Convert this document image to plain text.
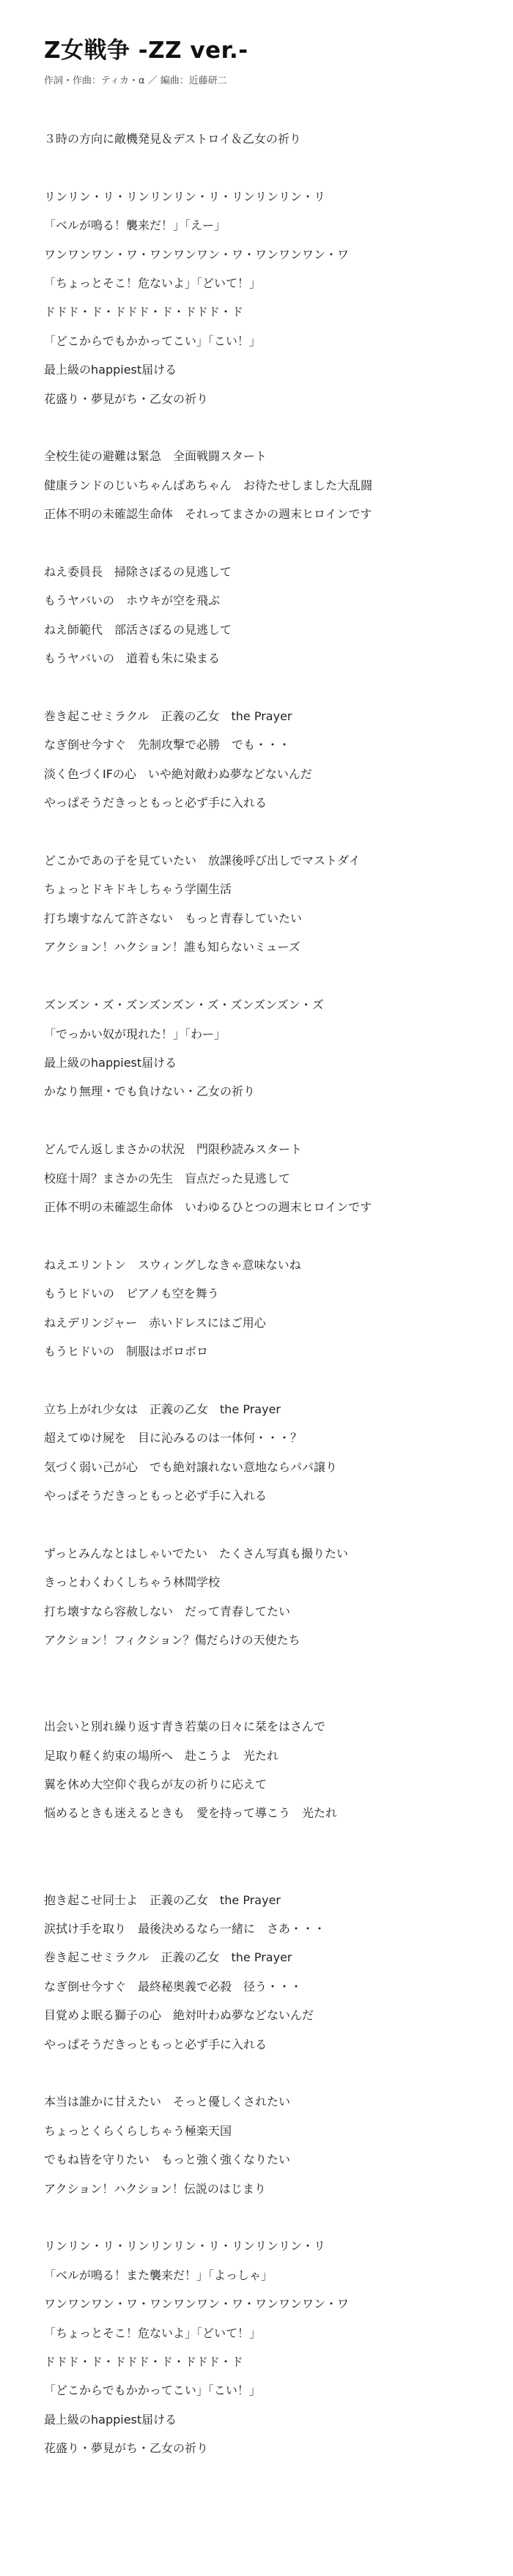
Z女戦争 -ZZ ver.-
作詞・作曲：ティカ・α ／ 編曲：近藤研二
３時の方向に敵機発見＆デストロイ＆乙女の祈り
リンリン・リ・リンリンリン・リ・リンリンリン・リ
「ベルが鳴る！襲来だ！」「えー」
ワンワンワン・ワ・ワンワンワン・ワ・ワンワンワン・ワ
「ちょっとそこ！危ないよ」「どいて！」
ドドド・ド・ドドド・ド・ドドド・ド
「どこからでもかかってこい」「こい！」
最上級のhappiest届ける
花盛り・夢見がち・乙女の祈り
全校生徒の避難は緊急　全面戦闘スタート
健康ランドのじいちゃんばあちゃん　お待たせしました大乱闘
正体不明の未確認生命体　それってまさかの週末ヒロインです
ねえ委員長　掃除さぼるの見逃して
もうヤバいの　ホウキが空を飛ぶ
ねえ師範代　部活さぼるの見逃して
もうヤバいの　道着も朱に染まる
巻き起こせミラクル　正義の乙女　the Prayer
なぎ倒せ今すぐ　先制攻撃で必勝　でも・・・
淡く色づくIFの心　いや絶対敵わぬ夢などないんだ
やっぱそうだきっともっと必ず手に入れる
どこかであの子を見ていたい　放課後呼び出しでマストダイ
ちょっとドキドキしちゃう学園生活
打ち壊すなんて許さない　もっと青春していたい
アクション！ハクション！誰も知らないミューズ
ズンズン・ズ・ズンズンズン・ズ・ズンズンズン・ズ
「でっかい奴が現れた！」「わー」
最上級のhappiest届ける
かなり無理・でも負けない・乙女の祈り
どんでん返しまさかの状況　門限秒読みスタート
校庭十周？まさかの先生　盲点だった見逃して
正体不明の未確認生命体　いわゆるひとつの週末ヒロインです
ねえエリントン　スウィングしなきゃ意味ないね
もうヒドいの　ピアノも空を舞う
ねえデリンジャー　赤いドレスにはご用心
もうヒドいの　制服はボロボロ
立ち上がれ少女は　正義の乙女　the Prayer
超えてゆけ屍を　目に沁みるのは一体何・・・？
気づく弱い己が心　でも絶対譲れない意地ならパパ譲り
やっぱそうだきっともっと必ず手に入れる
ずっとみんなとはしゃいでたい　たくさん写真も撮りたい
きっとわくわくしちゃう林間学校
打ち壊すなら容赦しない　だって青春してたい
アクション！フィクション？傷だらけの天使たち
出会いと別れ繰り返す青き若葉の日々に栞をはさんで
足取り軽く約束の場所へ　赴こうよ　光たれ
翼を休め大空仰ぐ我らが友の祈りに応えて
悩めるときも迷えるときも　愛を持って導こう　光たれ
抱き起こせ同士よ　正義の乙女　the Prayer
涙拭け手を取り　最後決めるなら一緒に　さあ・・・
巻き起こせミラクル　正義の乙女　the Prayer
なぎ倒せ今すぐ　最終秘奥義で必殺　径う・・・
目覚めよ眠る獅子の心　絶対叶わぬ夢などないんだ
やっぱそうだきっともっと必ず手に入れる
本当は誰かに甘えたい　そっと優しくされたい
ちょっとくらくらしちゃう極楽天国
でもね皆を守りたい　もっと強く強くなりたい
アクション！ハクション！伝説のはじまり
リンリン・リ・リンリンリン・リ・リンリンリン・リ
「ベルが鳴る！また襲来だ！」「よっしゃ」
ワンワンワン・ワ・ワンワンワン・ワ・ワンワンワン・ワ
「ちょっとそこ！危ないよ」「どいて！」
ドドド・ド・ドドド・ド・ドドド・ド
「どこからでもかかってこい」「こい！」
最上級のhappiest届ける
花盛り・夢見がち・乙女の祈り
